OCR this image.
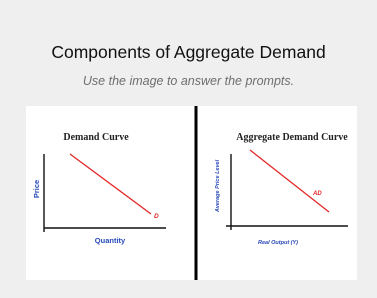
Components of Aggregate Demand
Use the image to answer the prompts.
Demand Curve
D
Price
Quantity
Aggregate Demand Curve
AD
Average Price Level
Real Output (Y)
